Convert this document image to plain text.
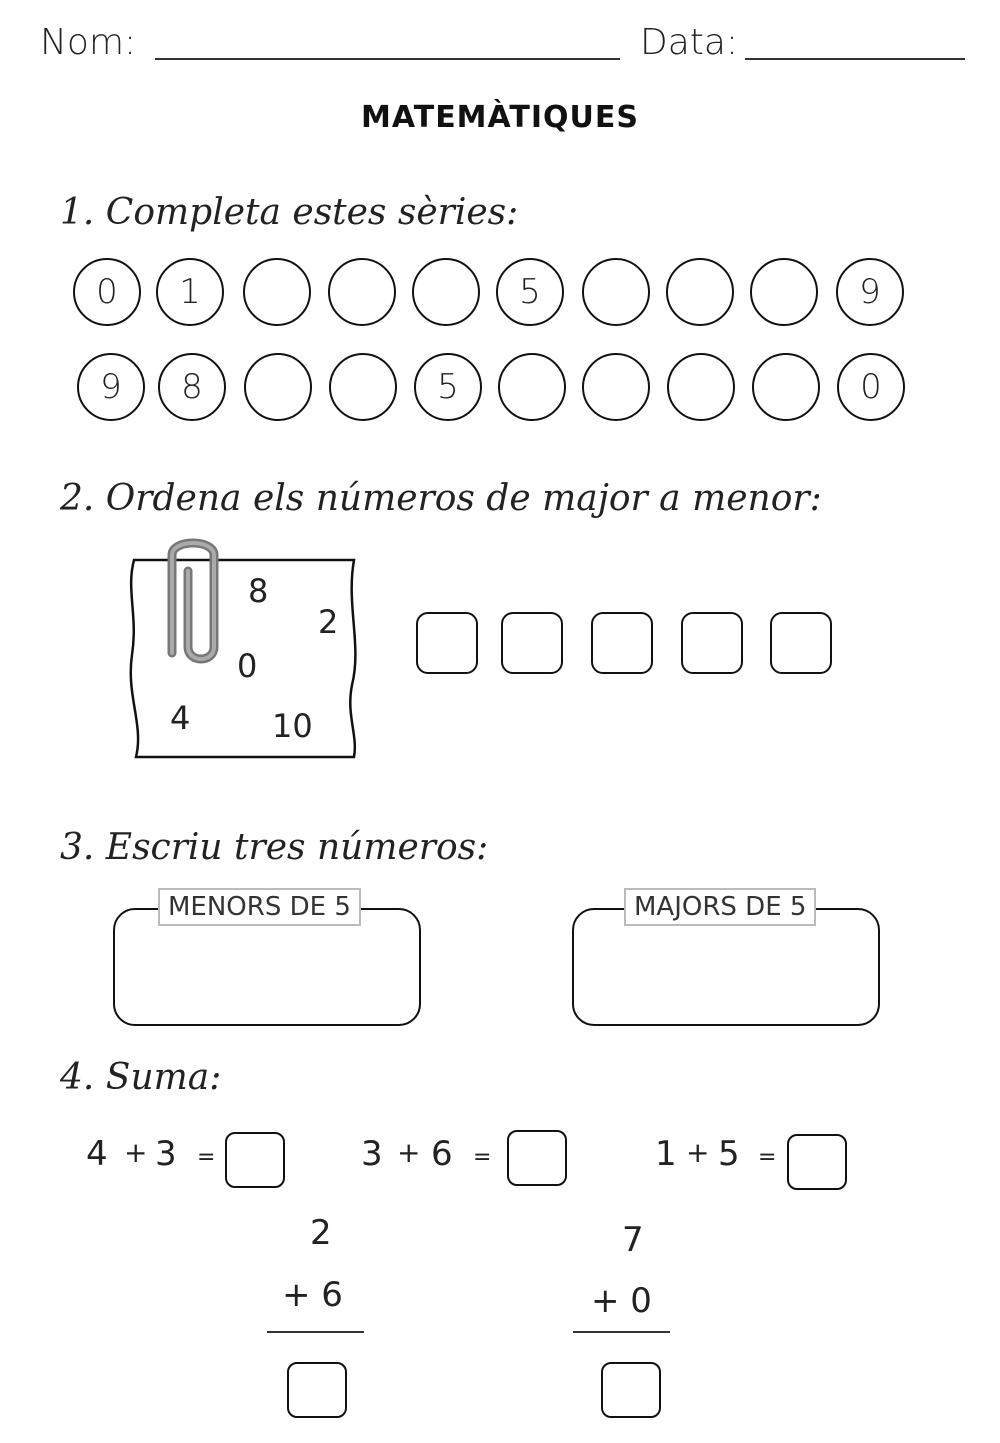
Nom:	Data:
MATEMÀTIQUES
1. Completa estes sèries:
0	1	5	9
9	8	5	0
2. Ordena els números de major a menor:
8
2
0
4	10
3. Escriu tres números:
MENORS DE 5	MAJORS DE 5
4. Suma:
4 + 3 =	3 + 6 =	1 + 5 =
2
+ 6
7
+ 0
